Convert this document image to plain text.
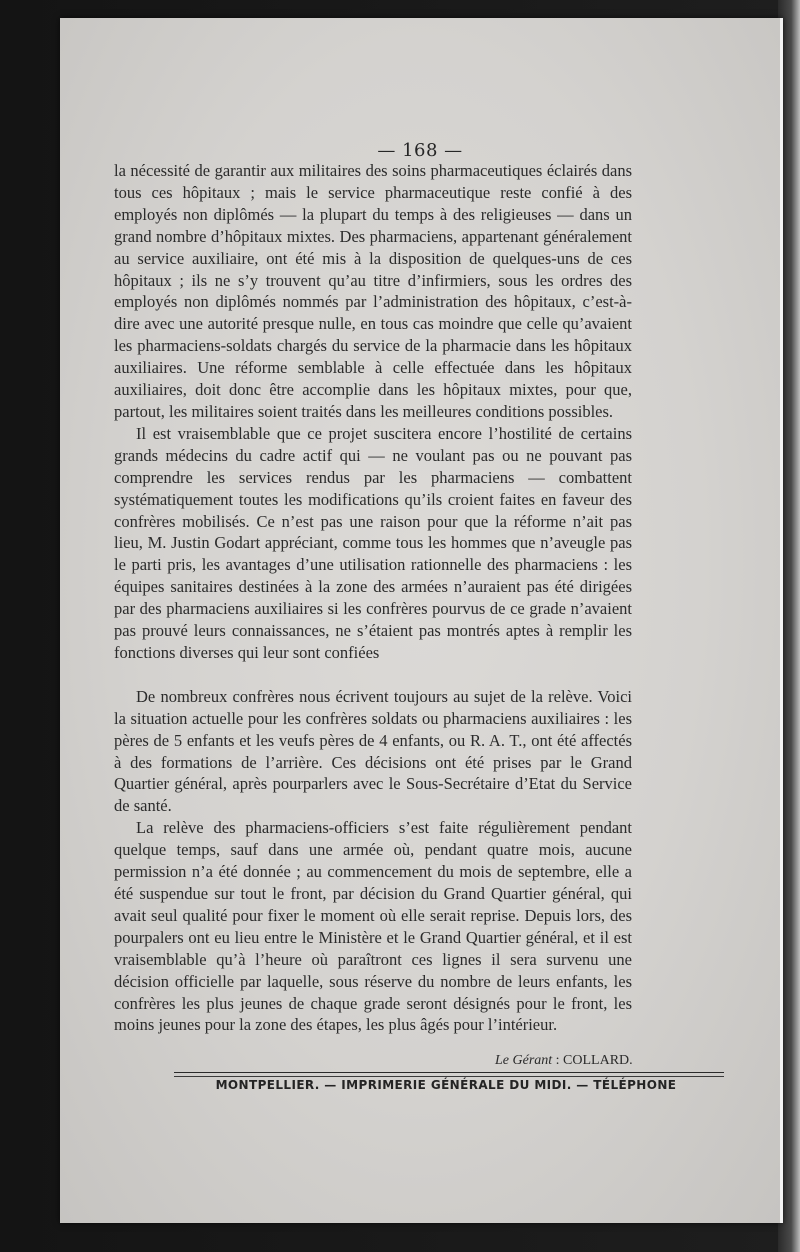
— 168 —

la nécessité de garantir aux militaires des soins pharmaceutiques éclairés dans tous ces hôpitaux ; mais le service pharmaceutique reste confié à des employés non diplômés — la plupart du temps à des religieuses — dans un grand nombre d’hôpitaux mixtes. Des pharmaciens, appartenant généralement au service auxiliaire, ont été mis à la disposition de quelques-uns de ces hôpitaux ; ils ne s’y trouvent qu’au titre d’infirmiers, sous les ordres des employés non diplômés nommés par l’administration des hôpitaux, c’est-à-dire avec une autorité presque nulle, en tous cas moindre que celle qu’avaient les pharmaciens-soldats chargés du service de la pharmacie dans les hôpitaux auxiliaires. Une réforme semblable à celle effectuée dans les hôpitaux auxiliaires, doit donc être accomplie dans les hôpitaux mixtes, pour que, partout, les militaires soient traités dans les meilleures conditions possibles.

Il est vraisemblable que ce projet suscitera encore l’hostilité de certains grands médecins du cadre actif qui — ne voulant pas ou ne pouvant pas comprendre les services rendus par les pharmaciens — combattent systématiquement toutes les modifications qu’ils croient faites en faveur des confrères mobilisés. Ce n’est pas une raison pour que la réforme n’ait pas lieu, M. Justin Godart appréciant, comme tous les hommes que n’aveugle pas le parti pris, les avantages d’une utilisation rationnelle des pharmaciens : les équipes sanitaires destinées à la zone des armées n’auraient pas été dirigées par des pharmaciens auxiliaires si les confrères pourvus de ce grade n’avaient pas prouvé leurs connaissances, ne s’étaient pas montrés aptes à remplir les fonctions diverses qui leur sont confiées

De nombreux confrères nous écrivent toujours au sujet de la relève. Voici la situation actuelle pour les confrères soldats ou pharmaciens auxiliaires : les pères de 5 enfants et les veufs pères de 4 enfants, ou R. A. T., ont été affectés à des formations de l’arrière. Ces décisions ont été prises par le Grand Quartier général, après pourparlers avec le Sous-Secrétaire d’Etat du Service de santé.

La relève des pharmaciens-officiers s’est faite régulièrement pendant quelque temps, sauf dans une armée où, pendant quatre mois, aucune permission n’a été donnée ; au commencement du mois de septembre, elle a été suspendue sur tout le front, par décision du Grand Quartier général, qui avait seul qualité pour fixer le moment où elle serait reprise. Depuis lors, des pourpalers ont eu lieu entre le Ministère et le Grand Quartier général, et il est vraisemblable qu’à l’heure où paraîtront ces lignes il sera survenu une décision officielle par laquelle, sous réserve du nombre de leurs enfants, les confrères les plus jeunes de chaque grade seront désignés pour le front, les moins jeunes pour la zone des étapes, les plus âgés pour l’intérieur.

Le Gérant : COLLARD.
MONTPELLIER. — IMPRIMERIE GÉNÉRALE DU MIDI. — TÉLÉPHONE
